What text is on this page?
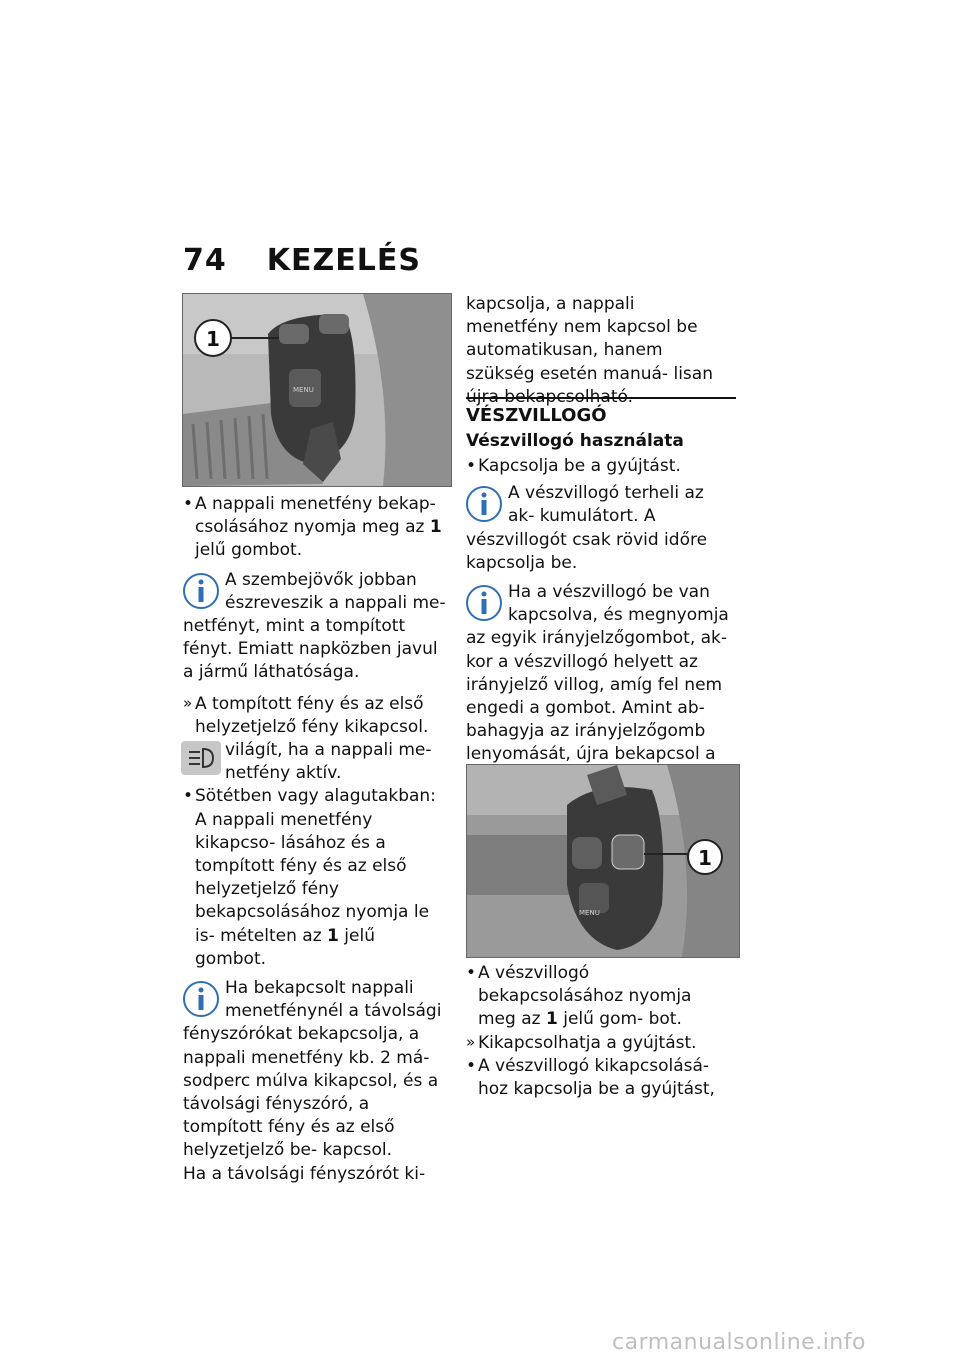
74 KEZELÉS
MENU
1
• A nappali menetfény bekap- csolásához nyomja meg az 1 jelű gombot.
A szembejövők jobban észreveszik a nappali me- netfényt, mint a tompított fényt. Emiatt napközben javul a jármű láthatósága.
» A tompított fény és az első helyzetjelző fény kikapcsol.
világít, ha a nappali me- netfény aktív.
• Sötétben vagy alagutakban: A nappali menetfény kikapcso- lásához és a tompított fény és az első helyzetjelző fény bekapcsolásához nyomja le is- mételten az 1 jelű gombot.
Ha bekapcsolt nappali menetfénynél a távolsági fényszórókat bekapcsolja, a nappali menetfény kb. 2 má- sodperc múlva kikapcsol, és a távolsági fényszóró, a tompított fény és az első helyzetjelző be- kapcsol.
Ha a távolsági fényszórót ki-
kapcsolja, a nappali menetfény nem kapcsol be automatikusan, hanem szükség esetén manuá- lisan újra bekapcsolható.
VÉSZVILLOGÓ
Vészvillogó használata
• Kapcsolja be a gyújtást.
A vészvillogó terheli az ak- kumulátort. A vészvillogót csak rövid időre kapcsolja be.
Ha a vészvillogó be van kapcsolva, és megnyomja az egyik irányjelzőgombot, ak- kor a vészvillogó helyett az irányjelző villog, amíg fel nem engedi a gombot. Amint ab- bahagyja az irányjelzőgomb lenyomását, újra bekapcsol a
MENU
1
• A vészvillogó bekapcsolásához nyomja meg az 1 jelű gom- bot.
» Kikapcsolhatja a gyújtást.
• A vészvillogó kikapcsolásá- hoz kapcsolja be a gyújtást,
carmanualsonline.info
